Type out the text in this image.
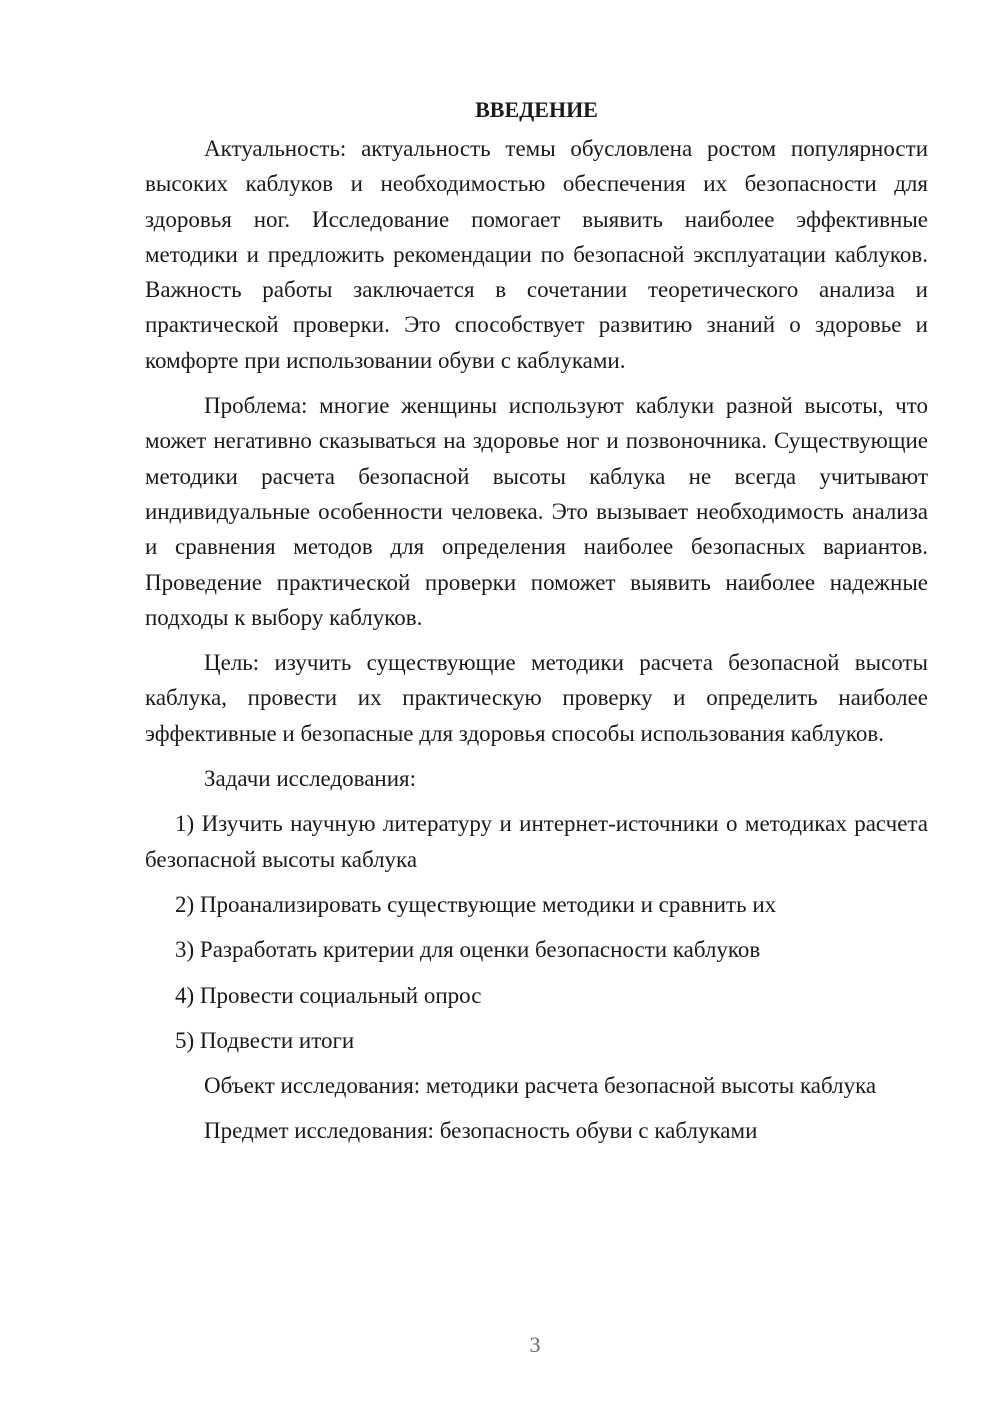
ВВЕДЕНИЕ

Актуальность: актуальность темы обусловлена ростом популярности высоких каблуков и необходимостью обеспечения их безопасности для здоровья ног. Исследование помогает выявить наиболее эффективные методики и предложить рекомендации по безопасной эксплуатации каблуков. Важность работы заключается в сочетании теоретического анализа и практической проверки. Это способствует развитию знаний о здоровье и комфорте при использовании обуви с каблуками.

Проблема: многие женщины используют каблуки разной высоты, что может негативно сказываться на здоровье ног и позвоночника. Существующие методики расчета безопасной высоты каблука не всегда учитывают индивидуальные особенности человека. Это вызывает необходимость анализа и сравнения методов для определения наиболее безопасных вариантов. Проведение практической проверки поможет выявить наиболее надежные подходы к выбору каблуков.

Цель: изучить существующие методики расчета безопасной высоты каблука, провести их практическую проверку и определить наиболее эффективные и безопасные для здоровья способы использования каблуков.

Задачи исследования:

1) Изучить научную литературу и интернет-источники о методиках расчета безопасной высоты каблука

2) Проанализировать существующие методики и сравнить их

3) Разработать критерии для оценки безопасности каблуков

4) Провести социальный опрос

5) Подвести итоги

Объект исследования: методики расчета безопасной высоты каблука

Предмет исследования: безопасность обуви с каблуками

3
